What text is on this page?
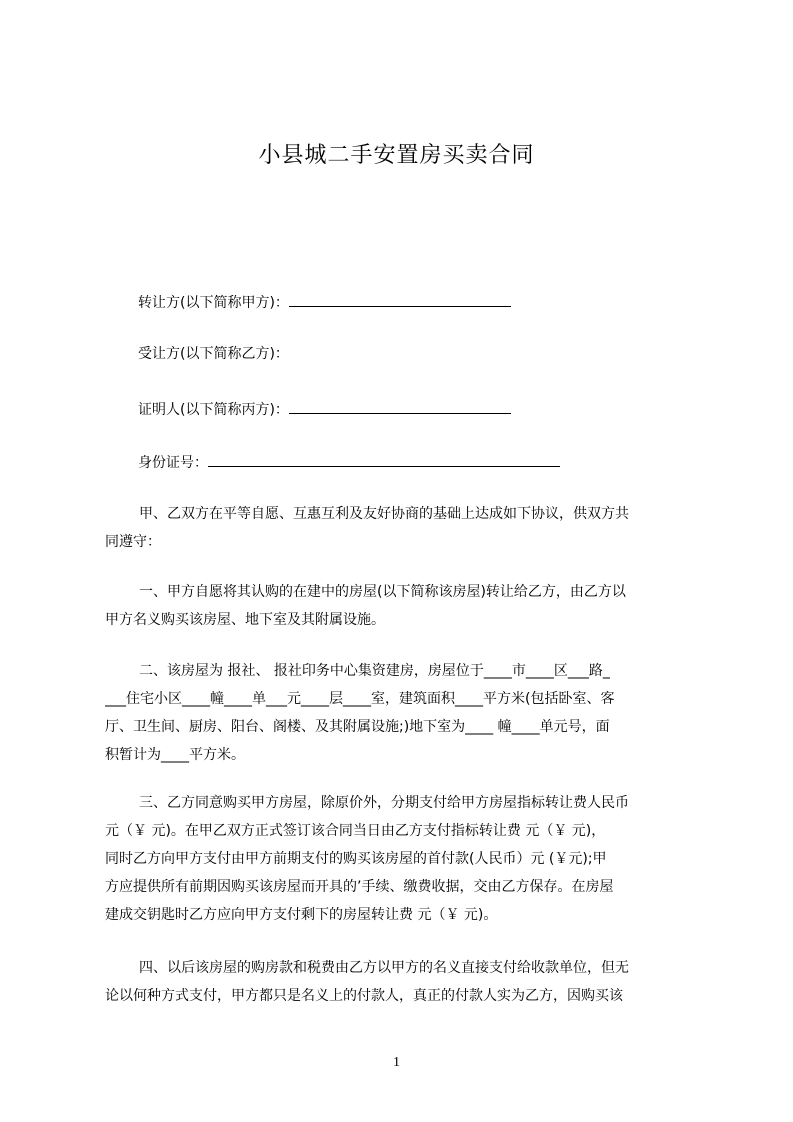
小县城二手安置房买卖合同
转让方(以下简称甲方)：
受让方(以下简称乙方)：
证明人(以下简称丙方)：
身份证号：
甲、乙双方在平等自愿、互惠互利及友好协商的基础上达成如下协议，供双方共
同遵守：
一、甲方自愿将其认购的在建中的房屋(以下简称该房屋)转让给乙方，由乙方以
甲方名义购买该房屋、地下室及其附属设施。
二、该房屋为 报社、 报社印务中心集资建房，房屋位于____市____区___路_
___住宅小区____幢____单___元____层____室，建筑面积____平方米(包括卧室、客
厅、卫生间、厨房、阳台、阁楼、及其附属设施;)地下室为____ 幢____单元号，面
积暂计为____平方米。
三、乙方同意购买甲方房屋，除原价外，分期支付给甲方房屋指标转让费人民币
元（￥ 元)。在甲乙双方正式签订该合同当日由乙方支付指标转让费 元（￥ 元)，
同时乙方向甲方支付由甲方前期支付的购买该房屋的首付款(人民币）元 (￥元);甲
方应提供所有前期因购买该房屋而开具的’手续、缴费收据，交由乙方保存。在房屋
建成交钥匙时乙方应向甲方支付剩下的房屋转让费 元（￥ 元)。
四、以后该房屋的购房款和税费由乙方以甲方的名义直接支付给收款单位，但无
论以何种方式支付，甲方都只是名义上的付款人，真正的付款人实为乙方，因购买该
1
